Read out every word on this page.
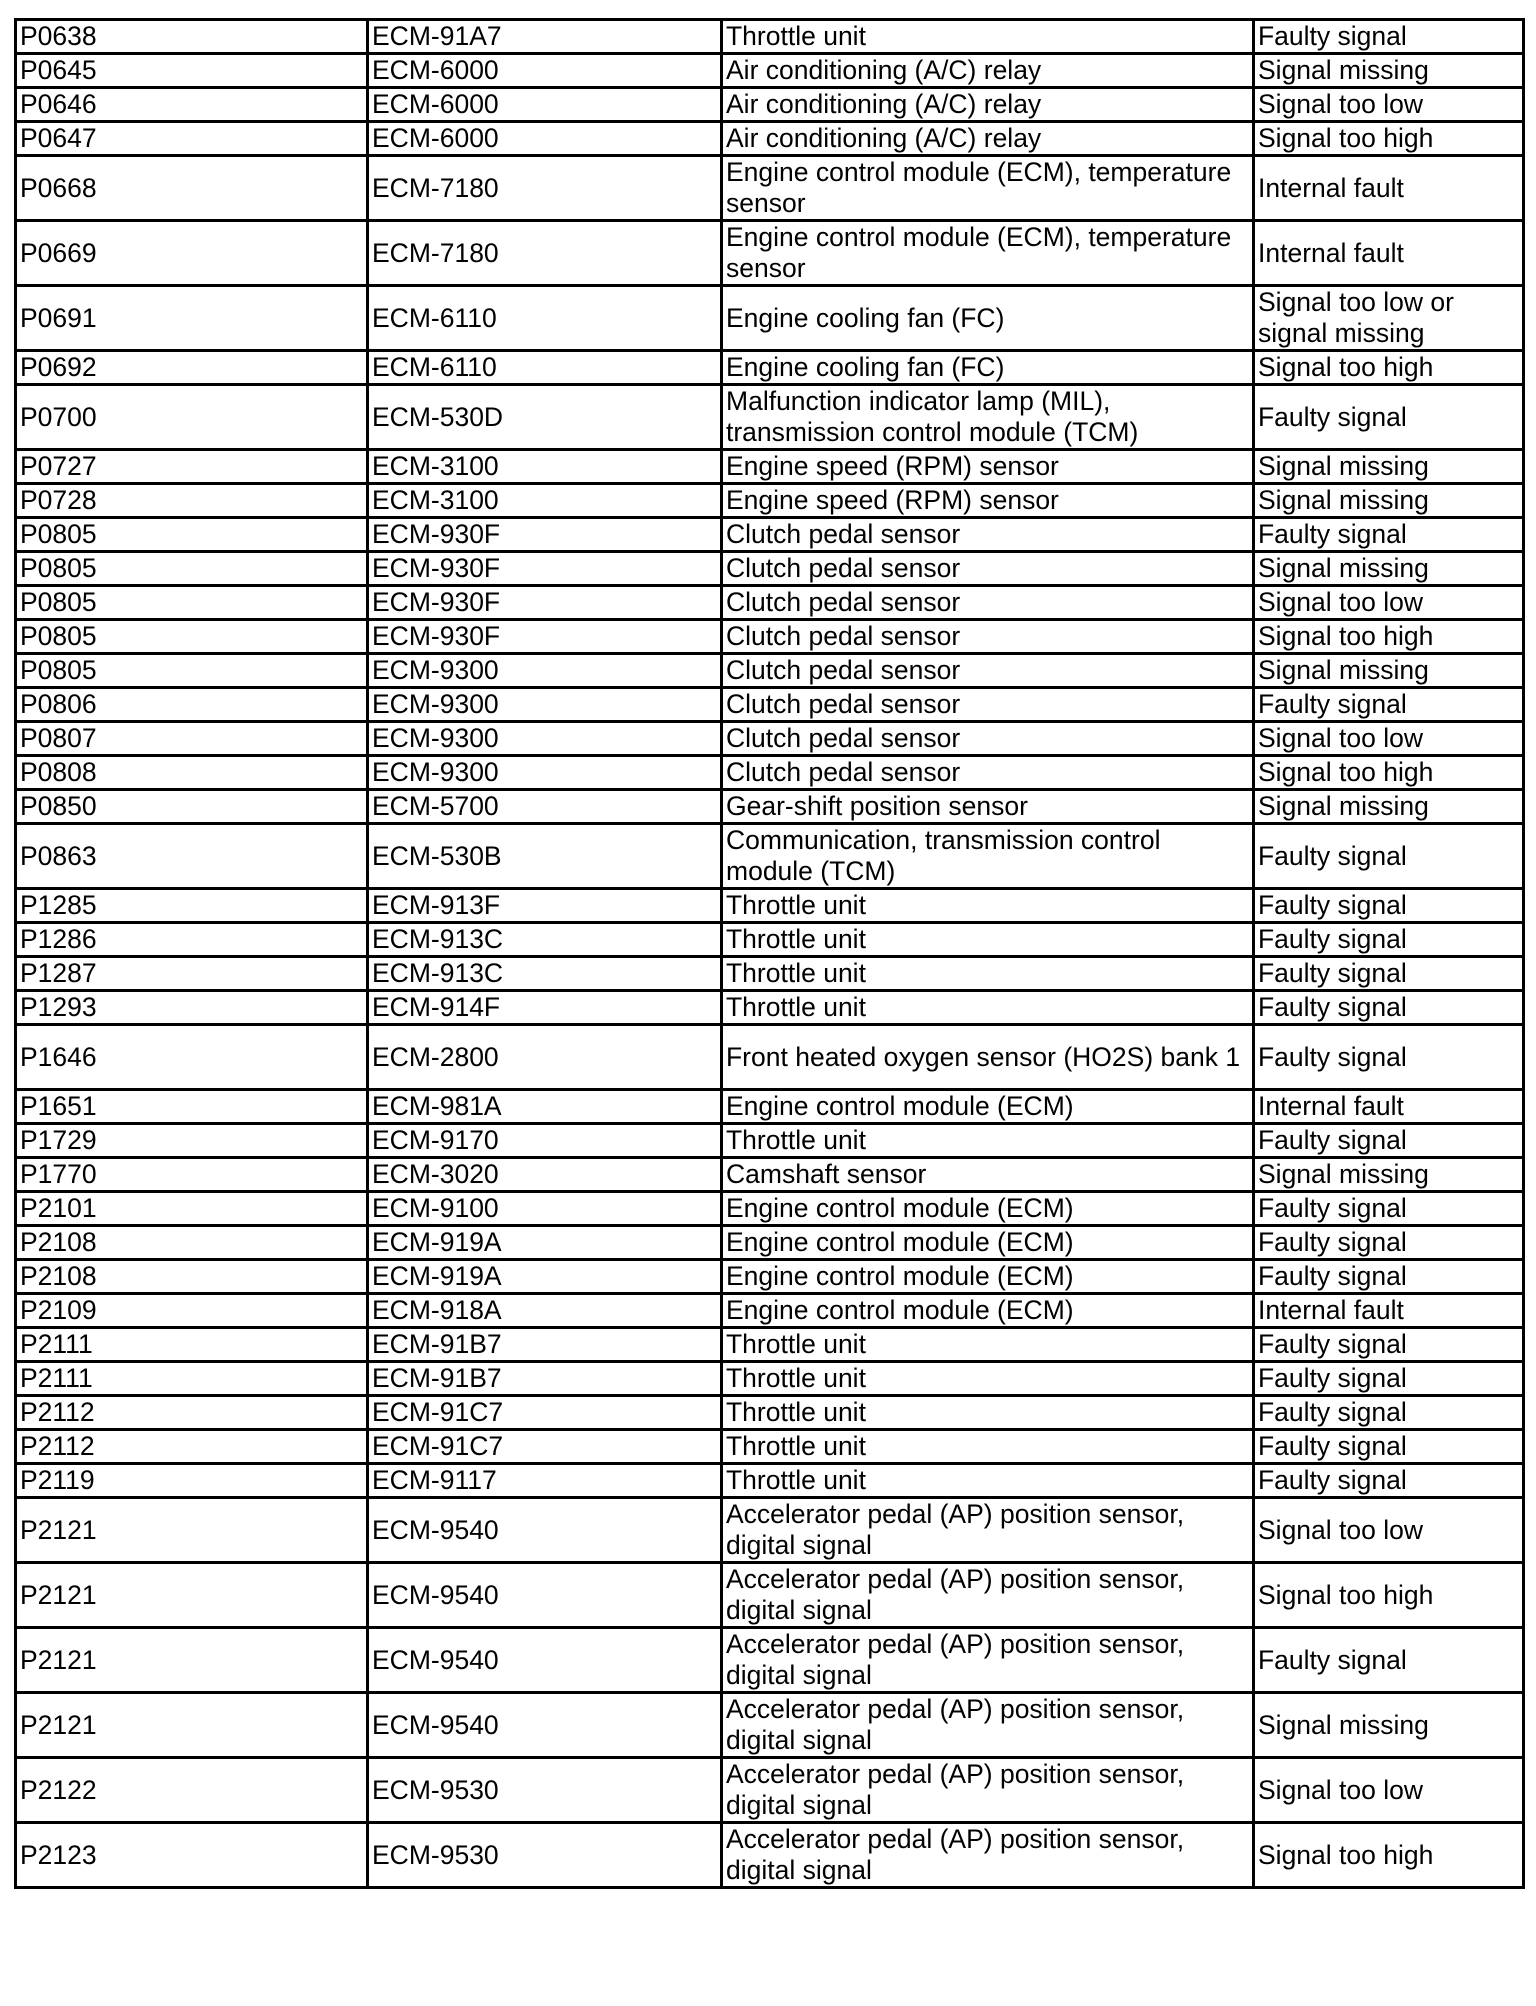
P0638	ECM-91A7	Throttle unit	Faulty signal
P0645	ECM-6000	Air conditioning (A/C) relay	Signal missing
P0646	ECM-6000	Air conditioning (A/C) relay	Signal too low
P0647	ECM-6000	Air conditioning (A/C) relay	Signal too high
P0668	ECM-7180	Engine control module (ECM), temperature sensor	Internal fault
P0669	ECM-7180	Engine control module (ECM), temperature sensor	Internal fault
P0691	ECM-6110	Engine cooling fan (FC)	Signal too low or signal missing
P0692	ECM-6110	Engine cooling fan (FC)	Signal too high
P0700	ECM-530D	Malfunction indicator lamp (MIL), transmission control module (TCM)	Faulty signal
P0727	ECM-3100	Engine speed (RPM) sensor	Signal missing
P0728	ECM-3100	Engine speed (RPM) sensor	Signal missing
P0805	ECM-930F	Clutch pedal sensor	Faulty signal
P0805	ECM-930F	Clutch pedal sensor	Signal missing
P0805	ECM-930F	Clutch pedal sensor	Signal too low
P0805	ECM-930F	Clutch pedal sensor	Signal too high
P0805	ECM-9300	Clutch pedal sensor	Signal missing
P0806	ECM-9300	Clutch pedal sensor	Faulty signal
P0807	ECM-9300	Clutch pedal sensor	Signal too low
P0808	ECM-9300	Clutch pedal sensor	Signal too high
P0850	ECM-5700	Gear-shift position sensor	Signal missing
P0863	ECM-530B	Communication, transmission control module (TCM)	Faulty signal
P1285	ECM-913F	Throttle unit	Faulty signal
P1286	ECM-913C	Throttle unit	Faulty signal
P1287	ECM-913C	Throttle unit	Faulty signal
P1293	ECM-914F	Throttle unit	Faulty signal
P1646	ECM-2800	Front heated oxygen sensor (HO2S) bank 1	Faulty signal
P1651	ECM-981A	Engine control module (ECM)	Internal fault
P1729	ECM-9170	Throttle unit	Faulty signal
P1770	ECM-3020	Camshaft sensor	Signal missing
P2101	ECM-9100	Engine control module (ECM)	Faulty signal
P2108	ECM-919A	Engine control module (ECM)	Faulty signal
P2108	ECM-919A	Engine control module (ECM)	Faulty signal
P2109	ECM-918A	Engine control module (ECM)	Internal fault
P2111	ECM-91B7	Throttle unit	Faulty signal
P2111	ECM-91B7	Throttle unit	Faulty signal
P2112	ECM-91C7	Throttle unit	Faulty signal
P2112	ECM-91C7	Throttle unit	Faulty signal
P2119	ECM-9117	Throttle unit	Faulty signal
P2121	ECM-9540	Accelerator pedal (AP) position sensor, digital signal	Signal too low
P2121	ECM-9540	Accelerator pedal (AP) position sensor, digital signal	Signal too high
P2121	ECM-9540	Accelerator pedal (AP) position sensor, digital signal	Faulty signal
P2121	ECM-9540	Accelerator pedal (AP) position sensor, digital signal	Signal missing
P2122	ECM-9530	Accelerator pedal (AP) position sensor, digital signal	Signal too low
P2123	ECM-9530	Accelerator pedal (AP) position sensor, digital signal	Signal too high
